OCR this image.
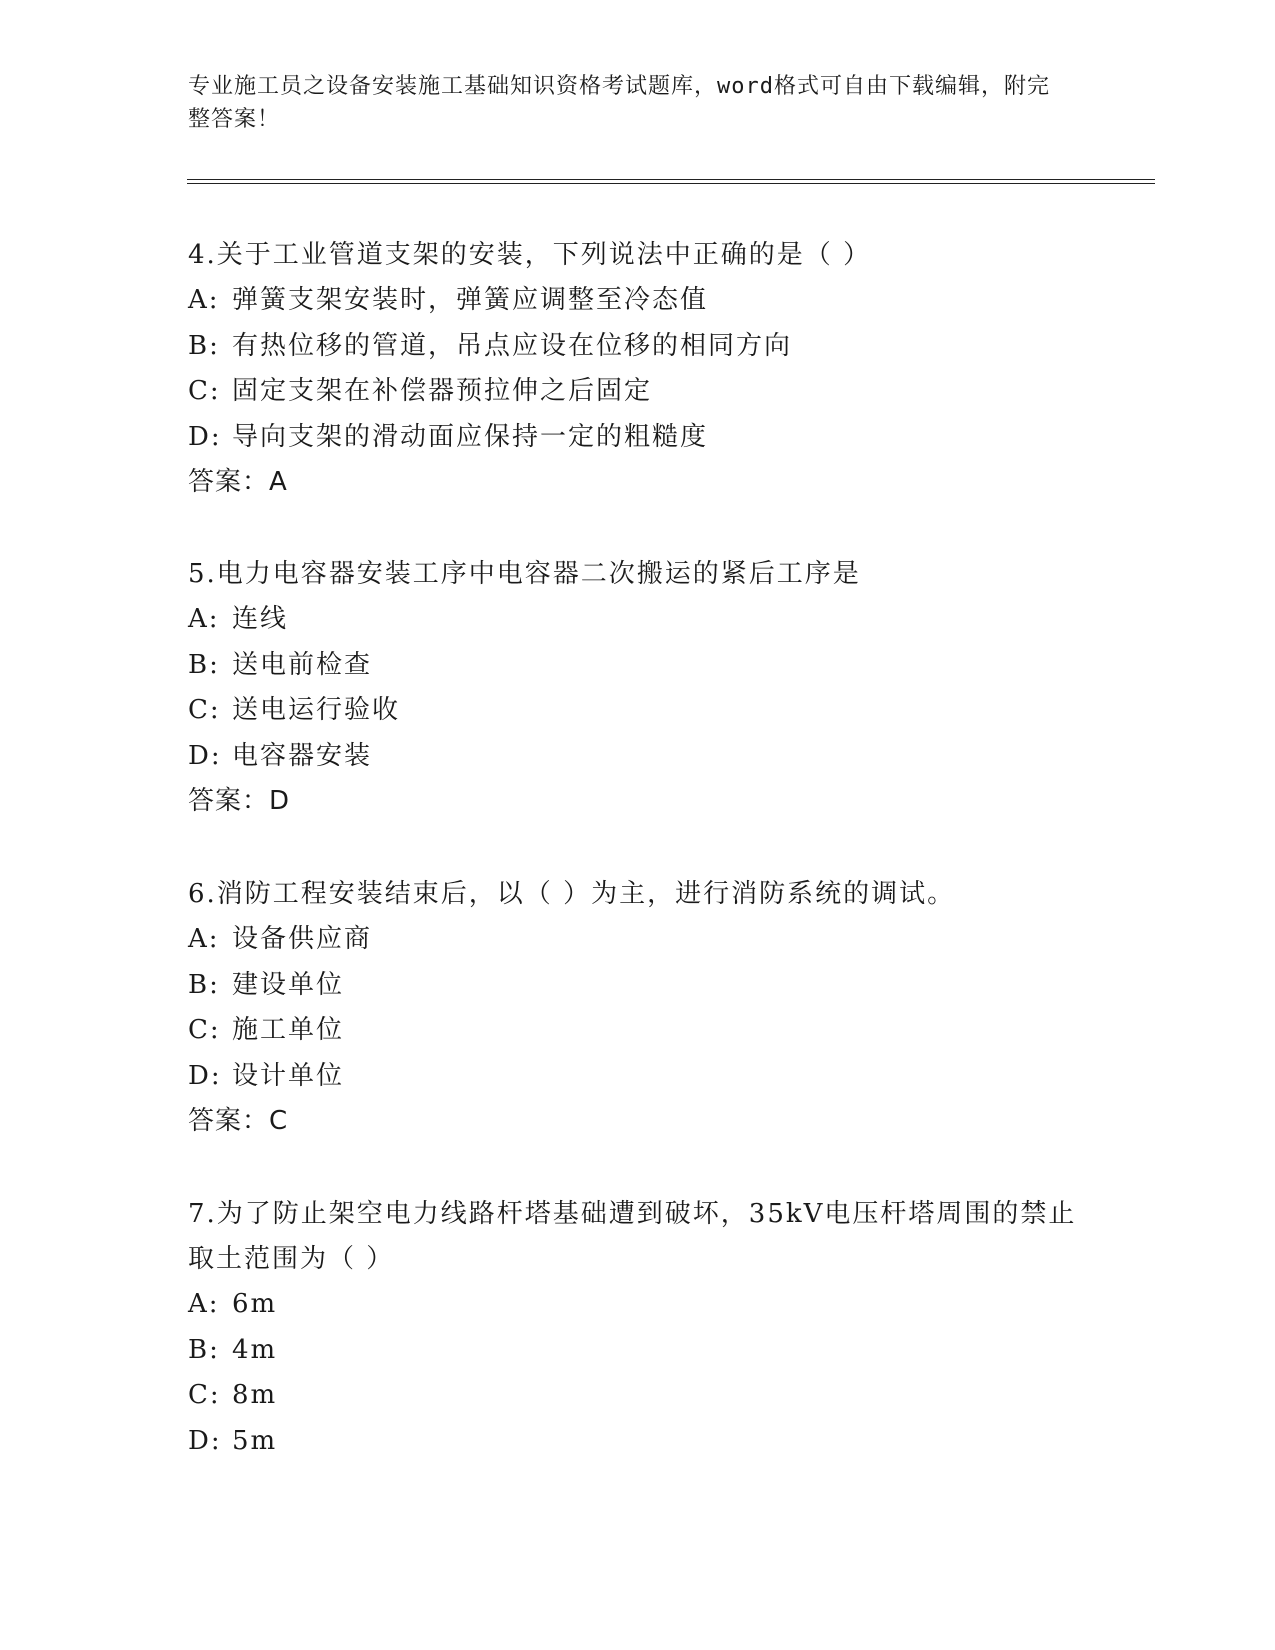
专业施工员之设备安装施工基础知识资格考试题库，word格式可自由下载编辑，附完整答案！

4.关于工业管道支架的安装，下列说法中正确的是（ ）

A: 弹簧支架安装时，弹簧应调整至冷态值

B: 有热位移的管道，吊点应设在位移的相同方向

C: 固定支架在补偿器预拉伸之后固定

D: 导向支架的滑动面应保持一定的粗糙度

答案：A

5.电力电容器安装工序中电容器二次搬运的紧后工序是

A: 连线

B: 送电前检查

C: 送电运行验收

D: 电容器安装

答案：D

6.消防工程安装结束后，以（ ）为主，进行消防系统的调试。

A: 设备供应商

B: 建设单位

C: 施工单位

D: 设计单位

答案：C

7.为了防止架空电力线路杆塔基础遭到破坏，35kV电压杆塔周围的禁止取土范围为（ ）

A: 6m

B: 4m

C: 8m

D: 5m
